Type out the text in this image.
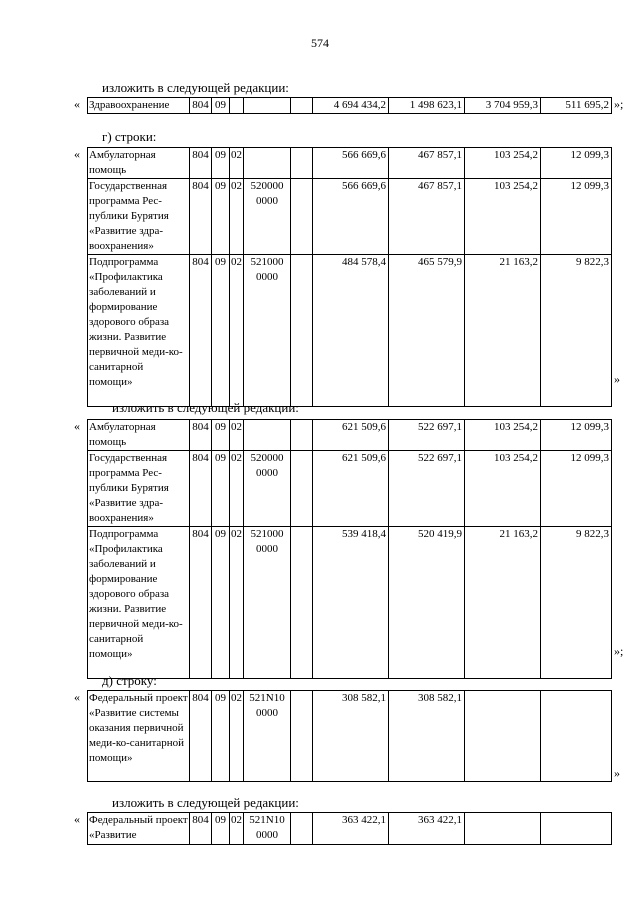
574
изложить в следующей редакции:
« Здравоохранение	804	09				4 694 434,2	1 498 623,1	3 704 959,3	511 695,2 »;
г) строки:
« Амбулаторная помощь	804	09	02			566 669,6	467 857,1	103 254,2	12 099,3
Государственная программа Рес-публики Бурятия «Развитие здра-воохранения»	804	09	02	520000 0000		566 669,6	467 857,1	103 254,2	12 099,3
Подпрограмма «Профилактика заболеваний и формирование здорового образа жизни. Развитие первичной меди-ко-санитарной помощи»	804	09	02	521000 0000		484 578,4	465 579,9	21 163,2	9 822,3
»
изложить в следующей редакции:
« Амбулаторная помощь	804	09	02			621 509,6	522 697,1	103 254,2	12 099,3
Государственная программа Рес-публики Бурятия «Развитие здра-воохранения»	804	09	02	520000 0000		621 509,6	522 697,1	103 254,2	12 099,3
Подпрограмма «Профилактика заболеваний и формирование здорового образа жизни. Развитие первичной меди-ко-санитарной помощи»	804	09	02	521000 0000		539 418,4	520 419,9	21 163,2	9 822,3
»;
д) строку:
« Федеральный проект «Развитие системы оказания первичной меди-ко-санитарной помощи»	804	09	02	521N10 0000		308 582,1	308 582,1		
»
изложить в следующей редакции:
« Федеральный проект «Развитие	804	09	02	521N10 0000		363 422,1	363 422,1		
